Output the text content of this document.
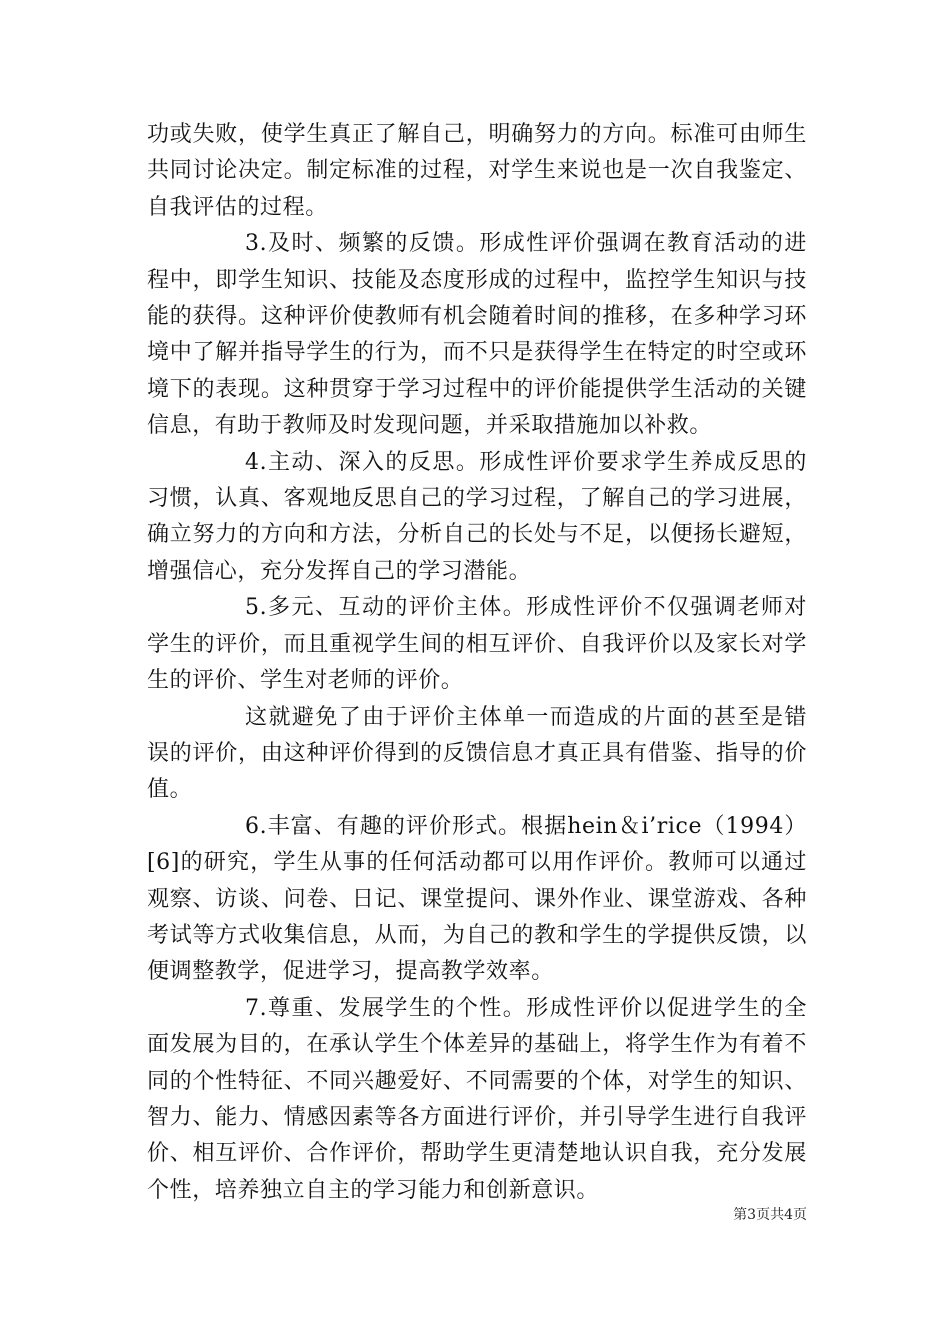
功或失败，使学生真正了解自己，明确努力的方向。标准可由师生共同讨论决定。制定标准的过程，对学生来说也是一次自我鉴定、自我评估的过程。

3.及时、频繁的反馈。形成性评价强调在教育活动的进程中，即学生知识、技能及态度形成的过程中，监控学生知识与技能的获得。这种评价使教师有机会随着时间的推移，在多种学习环境中了解并指导学生的行为，而不只是获得学生在特定的时空或环境下的表现。这种贯穿于学习过程中的评价能提供学生活动的关键信息，有助于教师及时发现问题，并采取措施加以补救。

4.主动、深入的反思。形成性评价要求学生养成反思的习惯，认真、客观地反思自己的学习过程，了解自己的学习进展，确立努力的方向和方法，分析自己的长处与不足，以便扬长避短，增强信心，充分发挥自己的学习潜能。

5.多元、互动的评价主体。形成性评价不仅强调老师对学生的评价，而且重视学生间的相互评价、自我评价以及家长对学生的评价、学生对老师的评价。

这就避免了由于评价主体单一而造成的片面的甚至是错误的评价，由这种评价得到的反馈信息才真正具有借鉴、指导的价值。

6.丰富、有趣的评价形式。根据hein＆i’rice（1994）[6]的研究，学生从事的任何活动都可以用作评价。教师可以通过观察、访谈、问卷、日记、课堂提问、课外作业、课堂游戏、各种考试等方式收集信息，从而，为自己的教和学生的学提供反馈，以便调整教学，促进学习，提高教学效率。

7.尊重、发展学生的个性。形成性评价以促进学生的全面发展为目的，在承认学生个体差异的基础上，将学生作为有着不同的个性特征、不同兴趣爱好、不同需要的个体，对学生的知识、智力、能力、情感因素等各方面进行评价，并引导学生进行自我评价、相互评价、合作评价，帮助学生更清楚地认识自我，充分发展个性，培养独立自主的学习能力和创新意识。

第3页共4页
